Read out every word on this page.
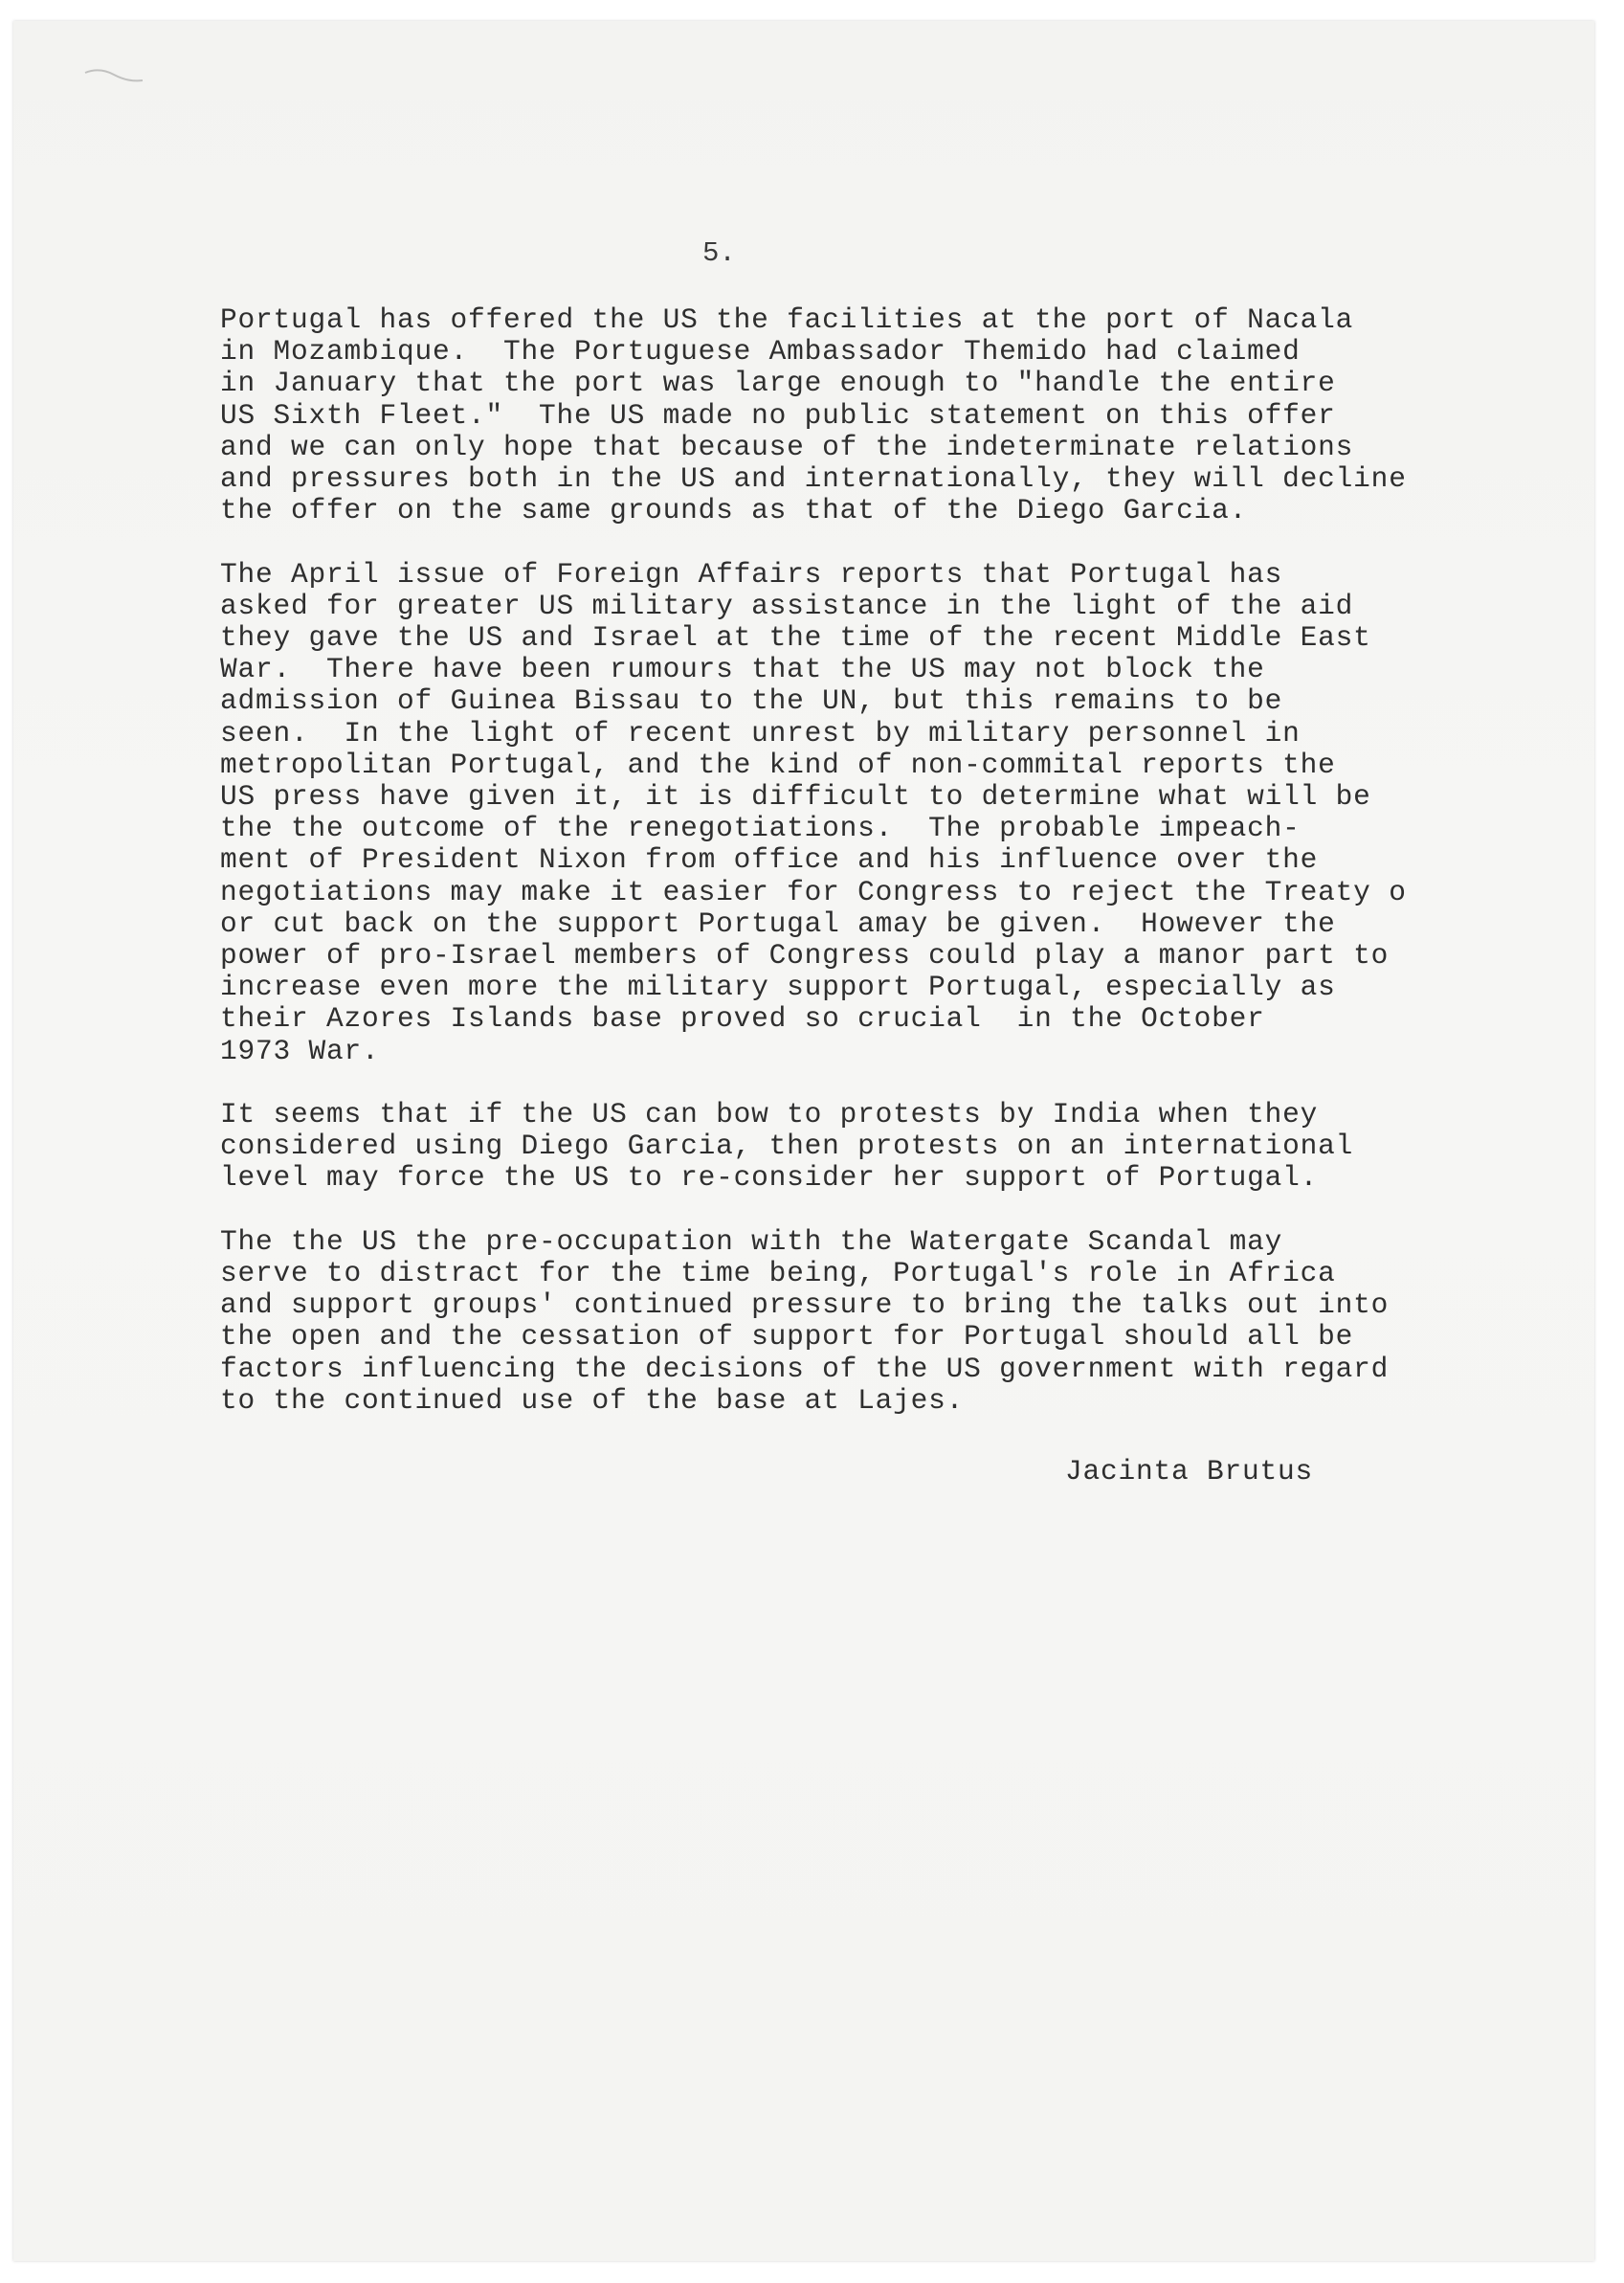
5.

Portugal has offered the US the facilities at the port of Nacala
in Mozambique.  The Portuguese Ambassador Themido had claimed
in January that the port was large enough to "handle the entire
US Sixth Fleet."  The US made no public statement on this offer
and we can only hope that because of the indeterminate relations
and pressures both in the US and internationally, they will decline
the offer on the same grounds as that of the Diego Garcia.
The April issue of Foreign Affairs reports that Portugal has
asked for greater US military assistance in the light of the aid
they gave the US and Israel at the time of the recent Middle East
War.  There have been rumours that the US may not block the
admission of Guinea Bissau to the UN, but this remains to be
seen.  In the light of recent unrest by military personnel in
metropolitan Portugal, and the kind of non-commital reports the
US press have given it, it is difficult to determine what will be
the the outcome of the renegotiations.  The probable impeach-
ment of President Nixon from office and his influence over the
negotiations may make it easier for Congress to reject the Treaty o
or cut back on the support Portugal amay be given.  However the
power of pro-Israel members of Congress could play a manor part to
increase even more the military support Portugal, especially as
their Azores Islands base proved so crucial  in the October
1973 War.
It seems that if the US can bow to protests by India when they
considered using Diego Garcia, then protests on an international
level may force the US to re-consider her support of Portugal.
The the US the pre-occupation with the Watergate Scandal may
serve to distract for the time being, Portugal's role in Africa
and support groups' continued pressure to bring the talks out into
the open and the cessation of support for Portugal should all be
factors influencing the decisions of the US government with regard
to the continued use of the base at Lajes.

Jacinta Brutus
